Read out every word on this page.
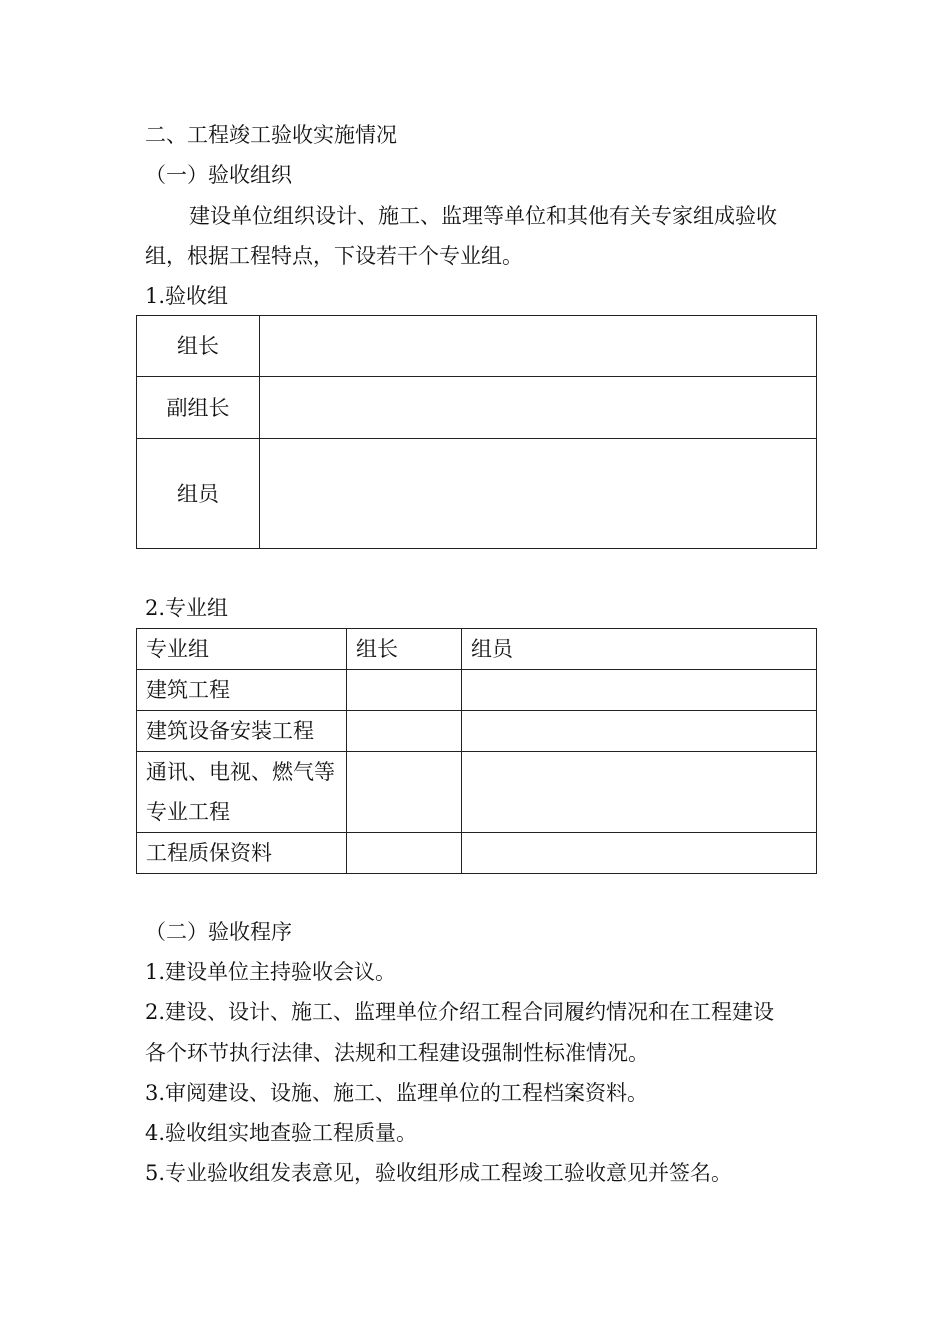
二、工程竣工验收实施情况
（一）验收组织
建设单位组织设计、施工、监理等单位和其他有关专家组成验收
组，根据工程特点，下设若干个专业组。
1.验收组
组长	
副组长	
组员	
2.专业组
专业组	组长	组员
建筑工程		
建筑设备安装工程		

通讯、电视、燃气等
专业工程		

工程质保资料		
（二）验收程序
1.建设单位主持验收会议。
2.建设、设计、施工、监理单位介绍工程合同履约情况和在工程建设
各个环节执行法律、法规和工程建设强制性标准情况。
3.审阅建设、设施、施工、监理单位的工程档案资料。
4.验收组实地查验工程质量。
5.专业验收组发表意见，验收组形成工程竣工验收意见并签名。
